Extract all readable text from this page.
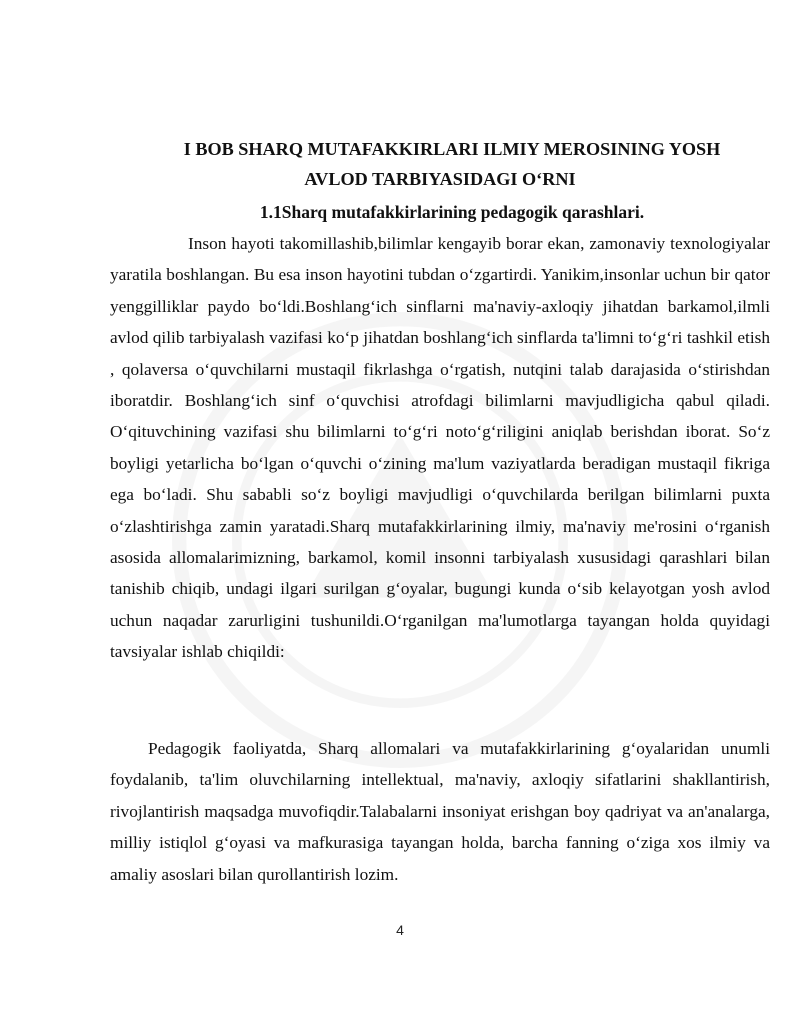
I BOB SHARQ MUTAFAKKIRLARI ILMIY MEROSINING YOSH
AVLOD TARBIYASIDAGI O‘RNI
1.1Sharq mutafakkirlarining pedagogik qarashlari.

Inson hayoti takomillashib,bilimlar kengayib borar ekan, zamonaviy texnologiyalar yaratila boshlangan. Bu esa inson hayotini tubdan o‘zgartirdi. Yanikim,insonlar uchun bir qator yenggilliklar paydo bo‘ldi.Boshlang‘ich sinflarni ma'naviy-axloqiy jihatdan barkamol,ilmli avlod qilib tarbiyalash vazifasi ko‘p jihatdan boshlang‘ich sinflarda ta'limni to‘g‘ri tashkil etish , qolaversa o‘quvchilarni mustaqil fikrlashga o‘rgatish, nutqini talab darajasida o‘stirishdan iboratdir. Boshlang‘ich sinf o‘quvchisi atrofdagi bilimlarni mavjudligicha qabul qiladi. O‘qituvchining vazifasi shu bilimlarni to‘g‘ri noto‘g‘riligini aniqlab berishdan iborat. So‘z boyligi yetarlicha bo‘lgan o‘quvchi o‘zining ma'lum vaziyatlarda beradigan mustaqil fikriga ega bo‘ladi. Shu sababli so‘z boyligi mavjudligi o‘quvchilarda berilgan bilimlarni puxta o‘zlashtirishga zamin yaratadi.Sharq mutafakkirlarining ilmiy, ma'naviy me'rosini o‘rganish asosida allomalarimizning, barkamol, komil insonni tarbiyalash xususidagi qarashlari bilan tanishib chiqib, undagi ilgari surilgan g‘oyalar, bugungi kunda o‘sib kelayotgan yosh avlod uchun naqadar zarurligini tushunildi.O‘rganilgan ma'lumotlarga tayangan holda quyidagi tavsiyalar ishlab chiqildi:

Pedagogik faoliyatda, Sharq allomalari va mutafakkirlarining g‘oyalaridan unumli foydalanib, ta'lim oluvchilarning intellektual, ma'naviy, axloqiy sifatlarini shakllantirish, rivojlantirish maqsadga muvofiqdir.Talabalarni insoniyat erishgan boy qadriyat va an'analarga, milliy istiqlol g‘oyasi va mafkurasiga tayangan holda, barcha fanning o‘ziga xos ilmiy va amaliy asoslari bilan qurollantirish lozim.

4
